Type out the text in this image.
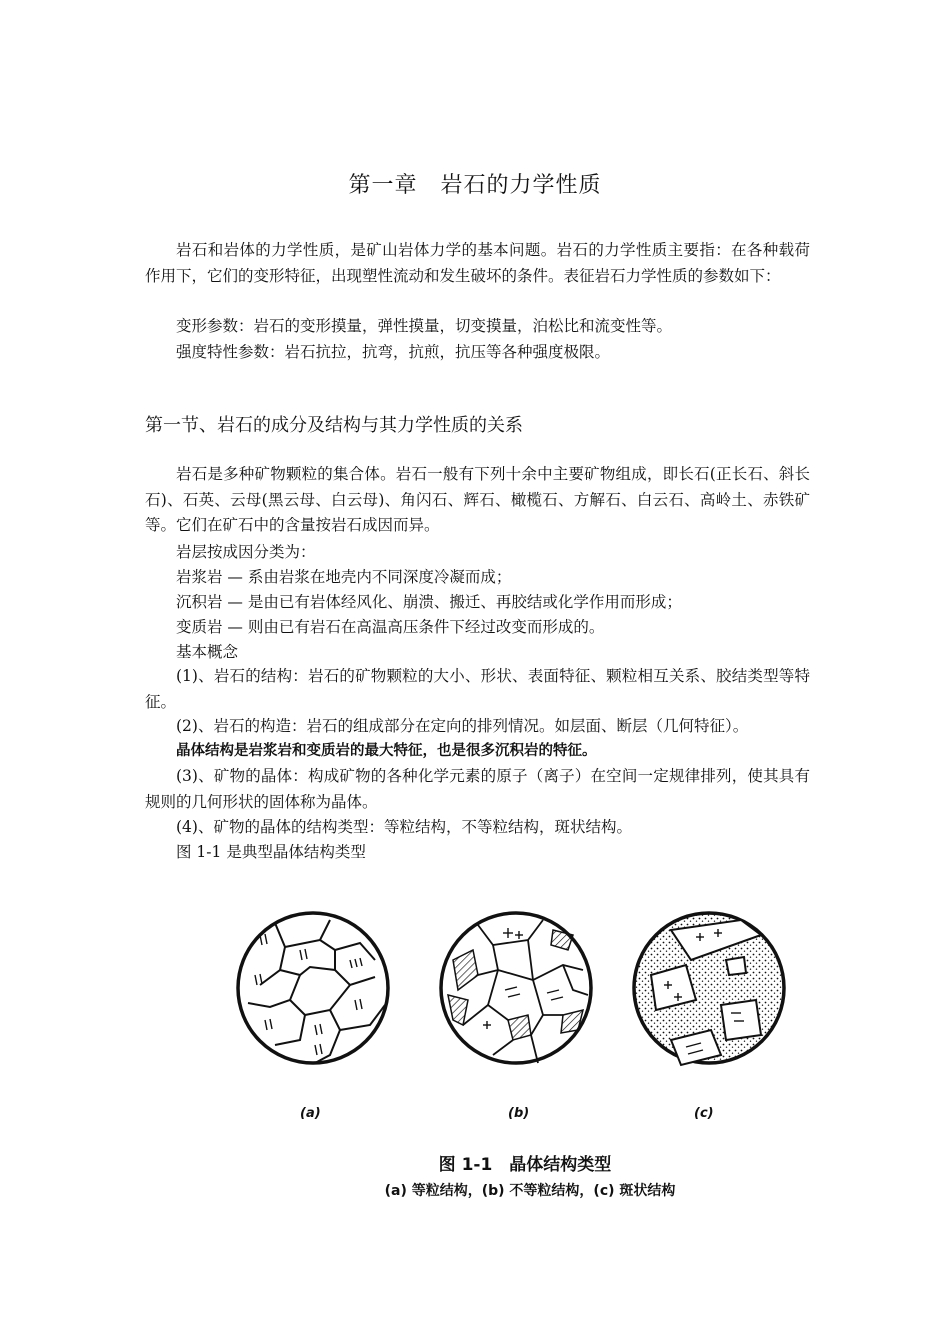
第一章　岩石的力学性质
岩石和岩体的力学性质，是矿山岩体力学的基本问题。岩石的力学性质主要指：在各种载荷作用下，它们的变形特征，出现塑性流动和发生破坏的条件。表征岩石力学性质的参数如下：
变形参数：岩石的变形摸量，弹性摸量，切变摸量，泊松比和流变性等。
强度特性参数：岩石抗拉，抗弯，抗煎，抗压等各种强度极限。
第一节、岩石的成分及结构与其力学性质的关系
岩石是多种矿物颗粒的集合体。岩石一般有下列十余中主要矿物组成，即长石(正长石、斜长石)、石英、云母(黑云母、白云母)、角闪石、辉石、橄榄石、方解石、白云石、高岭土、赤铁矿等。它们在矿石中的含量按岩石成因而异。
岩层按成因分类为：
岩浆岩 — 系由岩浆在地壳内不同深度冷凝而成；
沉积岩 — 是由已有岩体经风化、崩溃、搬迁、再胶结或化学作用而形成；
变质岩 — 则由已有岩石在高温高压条件下经过改变而形成的。
基本概念
(1)、岩石的结构：岩石的矿物颗粒的大小、形状、表面特征、颗粒相互关系、胶结类型等特征。
(2)、岩石的构造：岩石的组成部分在定向的排列情况。如层面、断层（几何特征）。
晶体结构是岩浆岩和变质岩的最大特征，也是很多沉积岩的特征。
(3)、矿物的晶体：构成矿物的各种化学元素的原子（离子）在空间一定规律排列，使其具有规则的几何形状的固体称为晶体。
(4)、矿物的晶体的结构类型：等粒结构，不等粒结构，斑状结构。
图 1-1 是典型晶体结构类型
(a)	(b)	(c)
图 1-1　晶体结构类型
(a) 等粒结构，(b) 不等粒结构，(c) 斑状结构
